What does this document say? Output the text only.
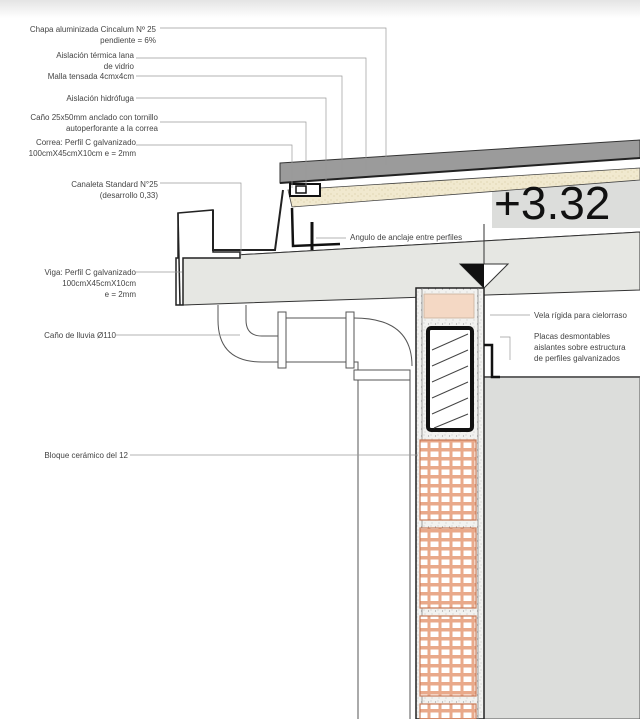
Chapa aluminizada Cincalum Nº 25
pendiente = 6%
Aislación térmica lana
de vidrio
Malla tensada 4cmx4cm
Aislación hidrófuga
Caño 25x50mm anclado con tornillo
autoperforante a la correa
Correa: Perfil C galvanizado
100cmX45cmX10cm e = 2mm
Canaleta Standard N°25
(desarrollo 0,33)
Viga: Perfil C galvanizado
100cmX45cmX10cm
e = 2mm
Caño de lluvia Ø110
Bloque cerámico del 12
Angulo de anclaje entre perfiles
Vela rígida para cielorraso
Placas desmontables
aislantes sobre estructura
de perfiles galvanizados
+3.32
